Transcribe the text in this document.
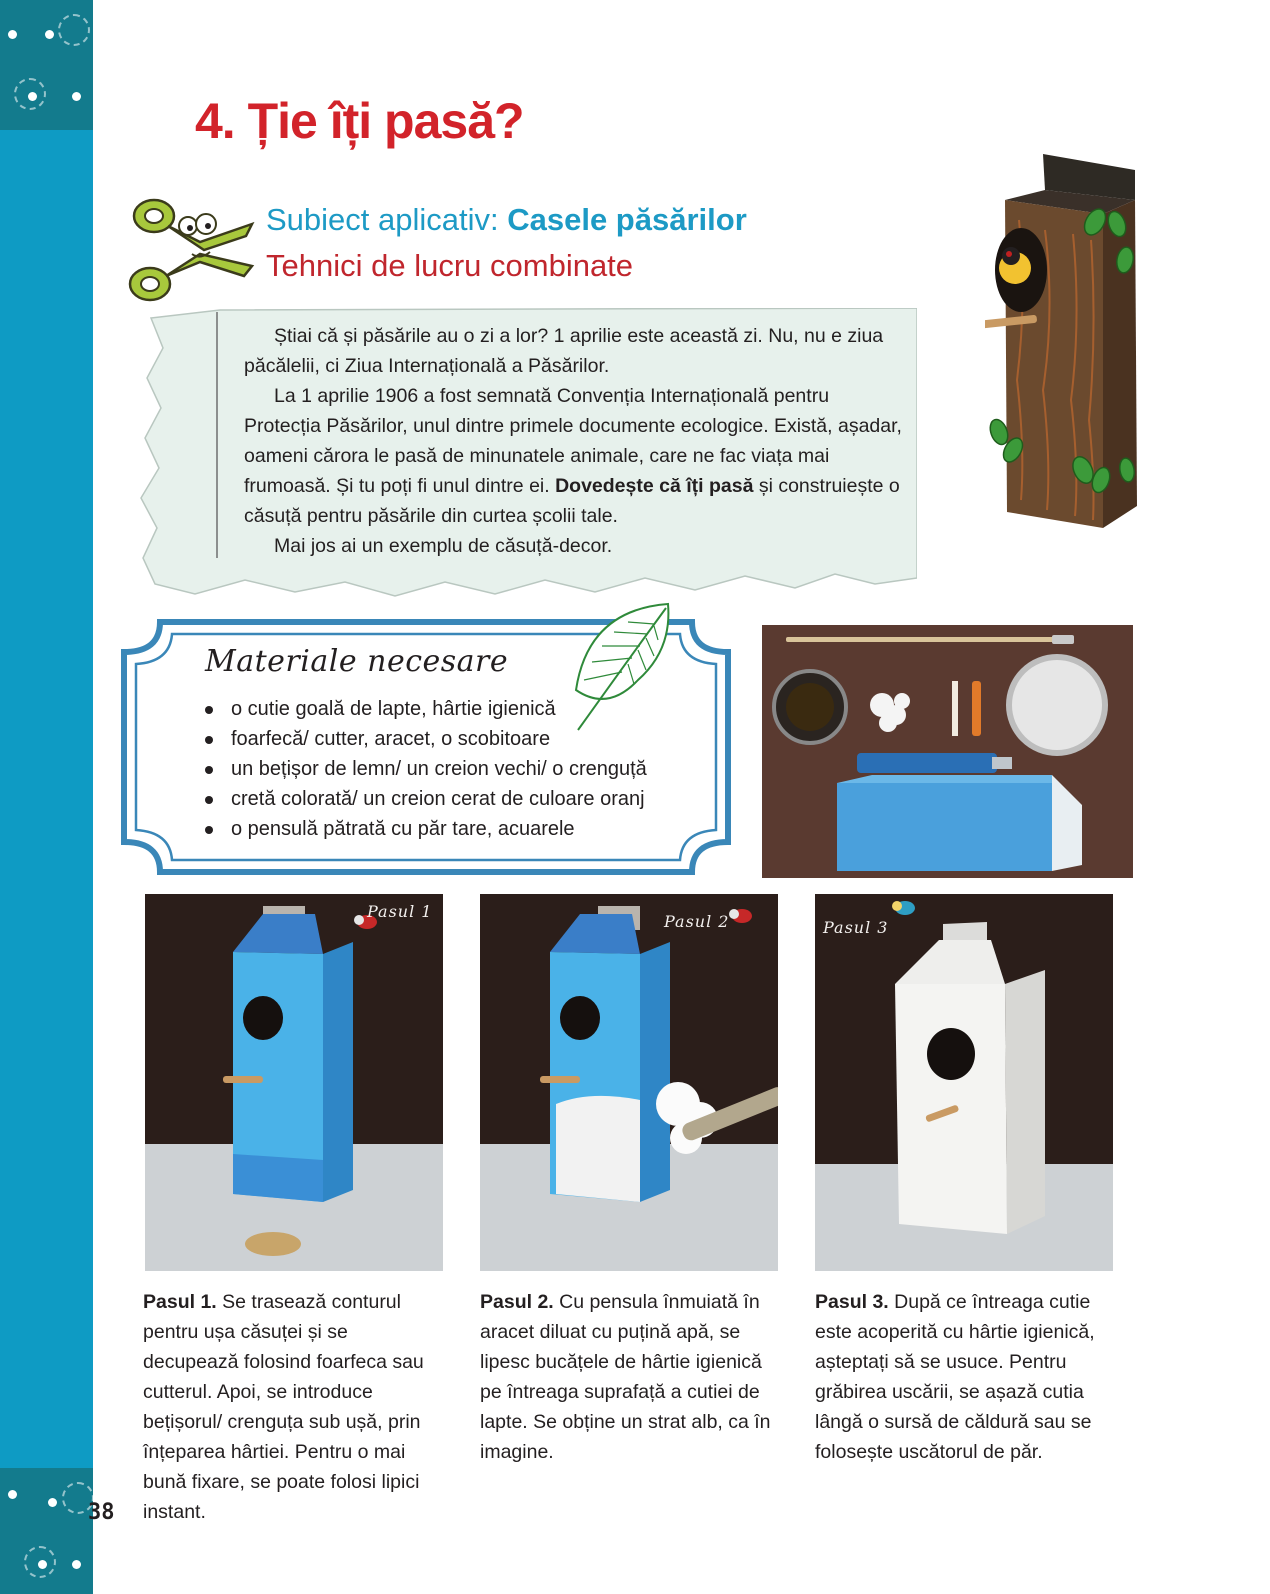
38
4. Ție îți pasă?
Subiect aplicativ: Casele păsărilor
Tehnici de lucru combinate

Știai că și păsările au o zi a lor? 1 aprilie este această zi. Nu, nu e ziua păcălelii, ci Ziua Internațională a Păsărilor.

La 1 aprilie 1906 a fost semnată Convenția Internațională pentru Protecția Păsărilor, unul dintre primele documente ecologice. Există, așadar, oameni cărora le pasă de minunatele animale, care ne fac viața mai frumoasă. Și tu poți fi unul dintre ei. Dovedește că îți pasă și construiește o căsuță pentru păsările din curtea școlii tale.

Mai jos ai un exemplu de căsuță-decor.

Materiale necesare
o cutie goală de lapte, hârtie igienică
foarfecă/ cutter, aracet, o scobitoare
un bețișor de lemn/ un creion vechi/ o crenguță
cretă colorată/ un creion cerat de culoare oranj
o pensulă pătrată cu păr tare, acuarele
Pasul 1
Pasul 2	Pasul 3
Pasul 1. Se trasează conturul pentru ușa căsuței și se decupează folosind foarfeca sau cutterul. Apoi, se introduce bețișorul/ crenguța sub ușă, prin înțeparea hârtiei. Pentru o mai bună fixare, se poate folosi lipici instant.
Pasul 2. Cu pensula înmuiată în aracet diluat cu puțină apă, se lipesc bucățele de hârtie igienică pe întreaga suprafață a cutiei de lapte. Se obține un strat alb, ca în imagine.
Pasul 3. După ce întreaga cutie este acoperită cu hârtie igienică, așteptați să se usuce. Pentru grăbirea uscării, se așază cutia lângă o sursă de căldură sau se folosește uscătorul de păr.
